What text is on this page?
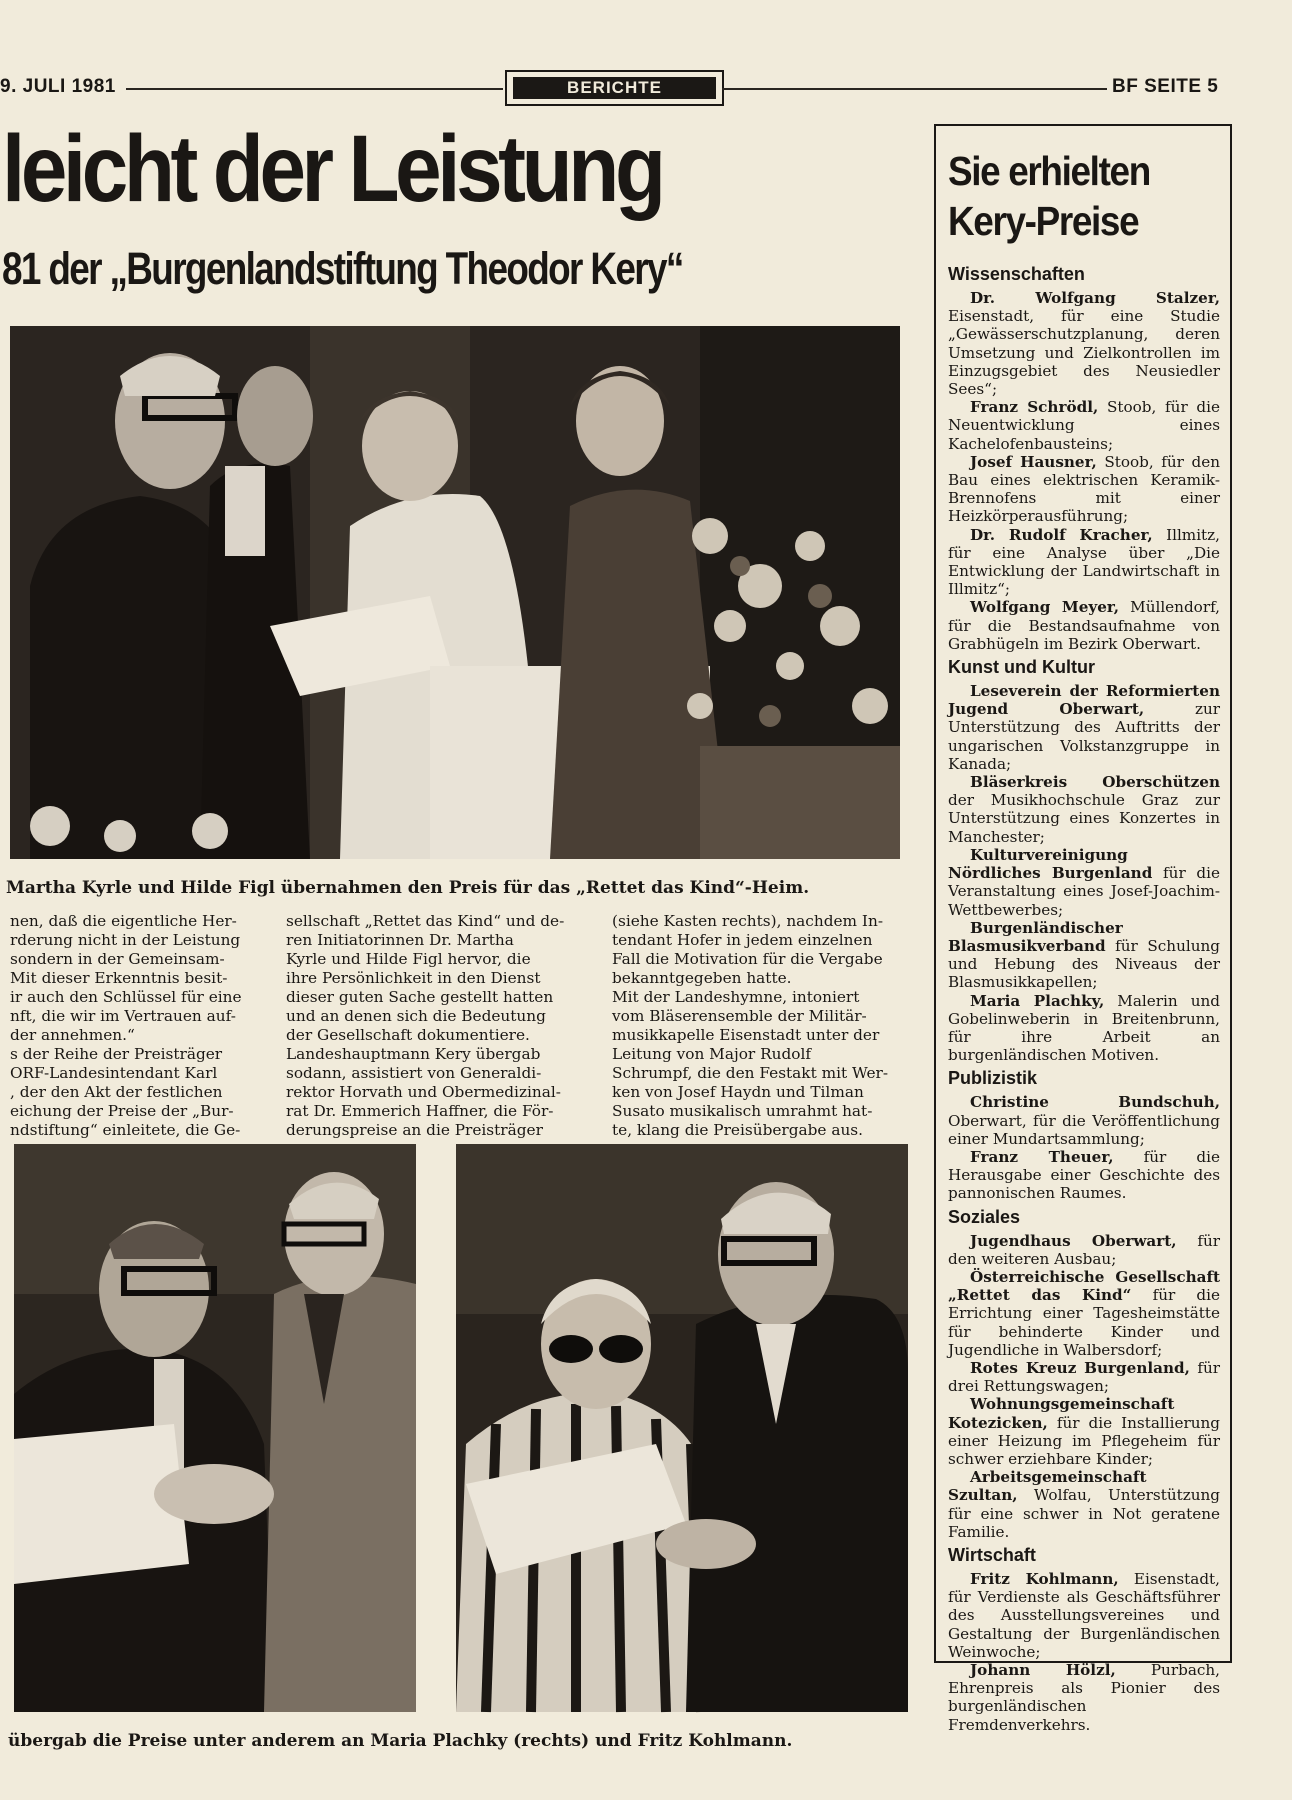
9. JULI 1981	BERICHTE	BF SEITE 5
leicht der Leistung
81 der „Burgenlandstiftung Theodor Kery“
Martha Kyrle und Hilde Figl übernahmen den Preis für das „Rettet das Kind“-Heim.

nen, daß die eigentliche Her-

rderung nicht in der Leistung

sondern in der Gemeinsam-

Mit dieser Erkenntnis besit-

ir auch den Schlüssel für eine

nft, die wir im Vertrauen auf-

der annehmen.“

s der Reihe der Preisträger

ORF-Landesintendant Karl

, der den Akt der festlichen

eichung der Preise der „Bur-

ndstiftung“ einleitete, die Ge-

sellschaft „Rettet das Kind“ und de-

ren Initiatorinnen Dr. Martha

Kyrle und Hilde Figl hervor, die

ihre Persönlichkeit in den Dienst

dieser guten Sache gestellt hatten

und an denen sich die Bedeutung

der Gesellschaft dokumentiere.

Landeshauptmann Kery übergab

sodann, assistiert von Generaldi-

rektor Horvath und Obermedizinal-

rat Dr. Emmerich Haffner, die För-

derungspreise an die Preisträger

(siehe Kasten rechts), nachdem In-

tendant Hofer in jedem einzelnen

Fall die Motivation für die Vergabe

bekanntgegeben hatte.

Mit der Landeshymne, intoniert

vom Bläserensemble der Militär-

musikkapelle Eisenstadt unter der

Leitung von Major Rudolf

Schrumpf, die den Festakt mit Wer-

ken von Josef Haydn und Tilman

Susato musikalisch umrahmt hat-

te, klang die Preisübergabe aus.

übergab die Preise unter anderem an Maria Plachky (rechts) und Fritz Kohlmann.
Sie erhielten
Kery-Preise
Wissenschaften
Dr. Wolfgang Stalzer, Eisenstadt, für eine Studie „Gewässerschutzplanung, deren Umsetzung und Zielkontrollen im Einzugsgebiet des Neusiedler Sees“;
Franz Schrödl, Stoob, für die Neuentwicklung eines Kachelofenbausteins;
Josef Hausner, Stoob, für den Bau eines elektrischen Keramik-Brennofens mit einer Heizkörperausführung;
Dr. Rudolf Kracher, Illmitz, für eine Analyse über „Die Entwicklung der Landwirtschaft in Illmitz“;
Wolfgang Meyer, Müllendorf, für die Bestandsaufnahme von Grabhügeln im Bezirk Oberwart.
Kunst und Kultur
Leseverein der Reformierten Jugend Oberwart, zur Unterstützung des Auftritts der ungarischen Volkstanzgruppe in Kanada;
Bläserkreis Oberschützen der Musikhochschule Graz zur Unterstützung eines Konzertes in Manchester;
Kulturvereinigung Nördliches Burgenland für die Veranstaltung eines Josef-Joachim-Wettbewerbes;
Burgenländischer Blasmusikverband für Schulung und Hebung des Niveaus der Blasmusikkapellen;
Maria Plachky, Malerin und Gobelinweberin in Breitenbrunn, für ihre Arbeit an burgenländischen Motiven.
Publizistik
Christine Bundschuh, Oberwart, für die Veröffentlichung einer Mundartsammlung;
Franz Theuer, für die Herausgabe einer Geschichte des pannonischen Raumes.
Soziales
Jugendhaus Oberwart, für den weiteren Ausbau;
Österreichische Gesellschaft „Rettet das Kind“ für die Errichtung einer Tagesheimstätte für behinderte Kinder und Jugendliche in Walbersdorf;
Rotes Kreuz Burgenland, für drei Rettungswagen;
Wohnungsgemeinschaft Kotezicken, für die Installierung einer Heizung im Pflegeheim für schwer erziehbare Kinder;
Arbeitsgemeinschaft Szultan, Wolfau, Unterstützung für eine schwer in Not geratene Familie.
Wirtschaft
Fritz Kohlmann, Eisenstadt, für Verdienste als Geschäftsführer des Ausstellungsvereines und Gestaltung der Burgenländischen Weinwoche;
Johann Hölzl, Purbach, Ehrenpreis als Pionier des burgenländischen Fremdenverkehrs.
